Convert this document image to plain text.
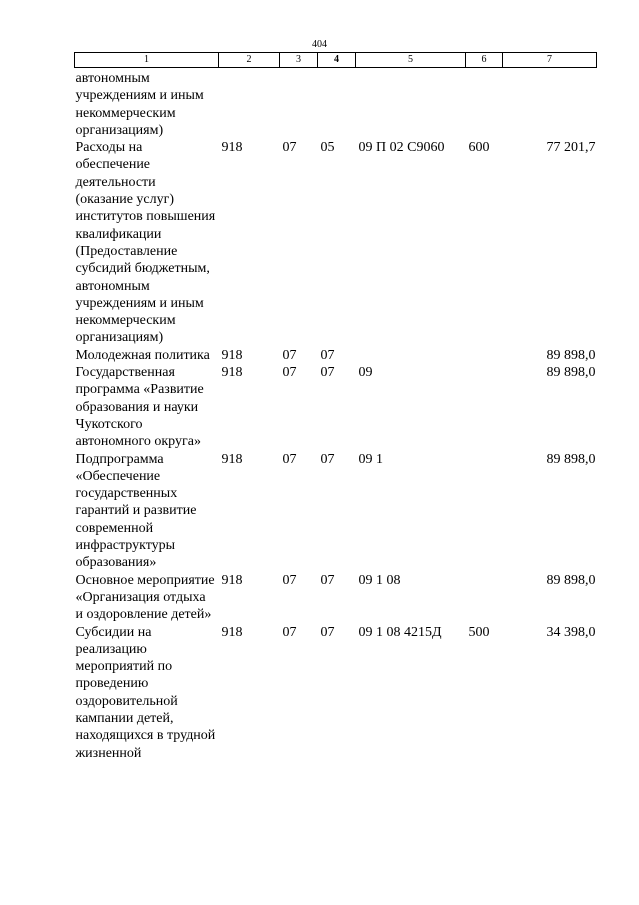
404
1	2	3	4	5	6	7
автономным учреждениям и иным некоммерческим организациям)						
Расходы на обеспечение деятельности (оказание услуг) институтов повышения квалификации (Предоставление субсидий бюджетным, автономным учреждениям и иным некоммерческим организациям)	918	07	05	09 П 02 С9060	600	77 201,7
Молодежная политика	918	07	07			89 898,0
Государственная программа «Развитие образования и науки Чукотского автономного округа»	918	07	07	09		89 898,0
Подпрограмма «Обеспечение государственных гарантий и развитие современной инфраструктуры образования»	918	07	07	09 1		89 898,0
Основное мероприятие «Организация отдыха и оздоровление детей»	918	07	07	09 1 08		89 898,0
Субсидии на реализацию мероприятий по проведению оздоровительной кампании детей, находящихся в трудной жизненной	918	07	07	09 1 08 4215Д	500	34 398,0
